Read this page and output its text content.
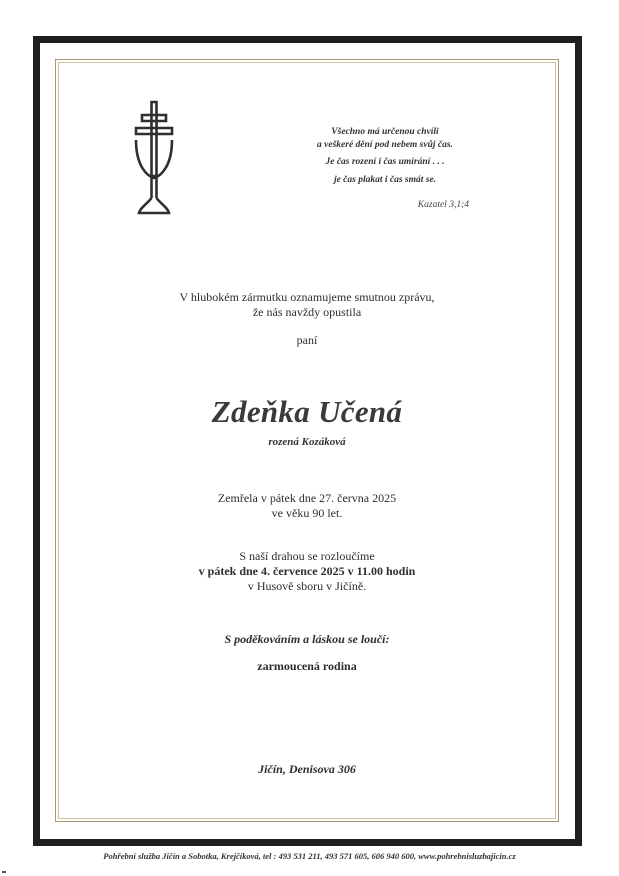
Všechno má určenou chvíli
a veškeré dění pod nebem svůj čas.
Je čas rození i čas umírání . . .
je čas plakat i čas smát se.
Kazatel 3,1;4
V hlubokém zármutku oznamujeme smutnou zprávu,
že nás navždy opustila
paní
Zdeňka Učená
rozená Kozáková
Zemřela v pátek dne 27. června 2025
ve věku 90 let.
S naší drahou se rozloučíme
v pátek dne 4. července 2025 v 11.00 hodin
v Husově sboru v Jičíně.
S poděkováním a láskou se loučí:
zarmoucená rodina
Jičín, Denisova 306
Pohřební služba Jičín a Sobotka, Krejčíková, tel : 493 531 211, 493 571 605, 606 940 600, www.pohrebnisluzbajicin.cz
